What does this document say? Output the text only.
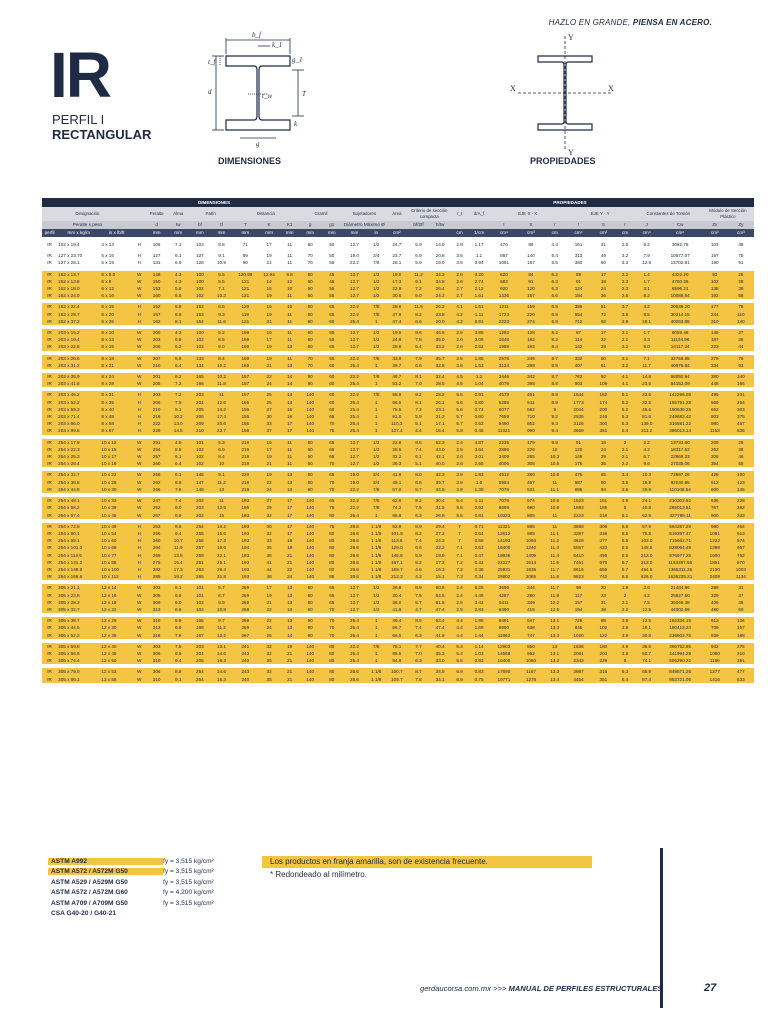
HAZLO EN GRANDE, PIENSA EN ACERO.
IR
PERFIL I
RECTANGULAR
b_f
k_1
t_f
d	t_w	T
g_1
k
g
DIMENSIONES
Y
X	X
Y
PROPIEDADES
DIMENSIONES															PROPIEDADES														
Designación				Peralte	Alma	Patín		Distancia			Gramil		Sujetadores		Área	Criterio de sección compacta		r_t	d/A_f	EJE X - X			EJE Y - Y			Constantes de Torsión		Módulo de Sección Plástico	
Peralte x peso				d	tw	bf	tf	T	K	K1	g	g1	Diámetro Máximo Ø			bf/2tf	h/tw			I	S	r	I	S	r	J	Cw	Zx	Zy
perfil	mm x kg/m	in x lb/ft		mm	mm	mm	mm	mm	mm	mm	mm	mm	mm	in	cm²			cm	1/cm	cm⁴	cm³	cm	cm⁴	cm³	cm	cm⁴	cm⁶	cm³	cm³

IR	102 x 19.4	4 x 13	H	106	7.1	103	8.8	71	17	11	60	50	12.7	1/2	24.7	5.9	14.9	2.8	1.17	470	89	4.4	161	31	2.5	9.2	3082.78	103	48

IR	127 x 23.70	5 x 16	H	127	6.1	127	9.1	89	19	11	70	50	19.0	3/4	23.7	6.9	20.8	3.5	1.1	887	140	5.4	313	49	3.2	7.9	10577.07	157	75
IR	127 x 28.1	5 x 19	H	131	6.9	128	10.9	90	21	11	70	55	22.2	7/8	28.1	5.9	19.0	3.5	0.94	1091	167	5.5	380	60	3.3	12.9	13702.81	190	91

IR	152 x 13.7	6 x 9.0	W	148	4.3	100	5.5	120.99	12.54	9.6	60	45	12.7	1/2	19.0	11.2	34.3	2.6	3.20	620	84	6.2	89	17	2.2	1.4	4322.20	93	25
IR	152 x 13.6	6 x 9	W	150	4.3	100	5.5	121	14	12	60	45	12.7	1/2	17.3	9.1	34.8	2.6	2.74	683	91	6.3	91	18	2.3	1.7	4750.26	102	28
IR	152 x 18.0	6 x 12	W	153	5.8	102	7.1	121	16	10	60	55	12.7	1/2	22.9	7.2	26.4	2.7	2.12	920	120	6.3	124	24	2.3	3.1	6596.21	138	38
IR	152 x 24.0	6 x 16	W	160	6.6	102	10.3	121	19	11	60	55	12.7	1/2	30.6	5.0	24.2	2.7	1.51	1336	167	6.6	184	36	2.5	8.2	10086.84	192	58

IR	152 x 22.4	6 x 15	H	152	5.8	152	6.6	120	16	10	90	55	22.2	7/8	28.6	11.5	26.2	4.1	1.51	1211	159	6.5	386	51	3.7	4.2	20036.20	177	78
IR	152 x 29.7	6 x 20	H	157	6.6	153	9.3	119	19	11	90	55	22.2	7/8	37.9	8.2	23.8	4.2	1.11	1723	220	6.8	554	72	3.8	9.5	30214.15	244	110
IR	152 x 37.2	6 x 25	H	162	8.1	154	11.6	121	21	11	90	60	25.4	1	47.4	6.6	20.0	4.2	0.91	2223	274	6.9	712	92	3.9	18.1	40263.86	310	140

IR	203 x 15.2	8 x 10	W	200	4.3	100	5.2	169	16	11	60	55	12.7	1/2	19.5	9.6	46.6	2.5	3.85	1282	128	8.2	87	17	2.1	1.7	8059.48	145	27
IR	203 x 19.4	8 x 13	W	203	5.8	102	6.5	169	17	11	60	55	12.7	1/2	24.8	7.8	35.0	2.6	3.06	1648	162	8.2	114	22	2.1	3.3	11104.96	187	35
IR	203 x 22.5	8 x 15	W	206	6.2	102	8.0	169	19	13	60	55	12.7	1/2	28.6	6.4	33.2	2.6	2.52	1998	193	8.4	142	28	2.2	5.0	14117.34	223	44

IR	203 x 26.6	8 x 18	W	207	5.8	133	8.4	169	19	11	70	55	22.2	7/8	33.9	7.9	35.7	3.5	1.85	2576	249	8.7	332	50	3.1	7.1	32756.65	279	76
IR	203 x 31.2	8 x 21	W	210	6.4	134	10.2	169	21	13	70	60	25.4	1	39.7	6.6	32.8	3.6	1.53	3134	298	8.8	407	61	3.2	11.7	40976.84	334	93

IR	203 x 35.9	8 x 24	W	201	6.2	165	10.2	157	22	14	90	60	22.2	7/8	45.7	8.1	32.4	4.5	1.2	3446	342	8.7	762	92	4.1	14.8	68050.94	380	140
IR	203 x 41.8	8 x 28	W	205	7.2	166	11.8	157	24	14	90	60	25.4	1	53.2	7.0	28.5	4.5	1.04	4079	398	8.8	903	109	4.1	23.5	84152.09	448	166

IR	203 x 46.2	8 x 31	H	203	7.2	203	11	157	25	14	140	60	22.2	7/8	58.9	9.2	28.2	5.5	0.91	4579	451	8.8	1544	152	5.1	23.6	142286.08	495	231
IR	203 x 52.2	8 x 35	H	206	7.9	204	12.6	155	25	14	140	60	25.4	1	66.5	8.1	26.1	5.6	0.80	5286	511	8.9	1773	174	5.2	32.5	165791.28	569	264
IR	203 x 59.3	8 x 40	H	210	9.1	205	14.2	156	27	16	140	60	25.4	1	75.5	7.2	23.1	5.6	0.72	6077	582	9	2044	200	5.2	46.6	190636.25	652	303
IR	203 x 71.4	8 x 48	H	216	10.2	206	17.4	155	30	16	140	65	25.4	1	91.0	5.9	21.2	5.7	0.60	7659	710	9.2	2535	246	5.3	81.6	249683.42	803	375
IR	203 x 86.0	8 x 58	H	222	13.0	209	20.6	155	33	17	140	70	25.4	1	110.3	5.1	17.1	5.7	0.52	9490	852	9.3	3126	300	5.3	139.0	316581.22	980	457
IR	203 x 99.6	8 x 67	H	229	14.5	210	23.7	156	37	17	140	75	25.4	1	127.4	4.4	15.4	5.8	0.46	11321	990	9.4	3659	351	5.4	211.2	386013.14	1153	535

IR	254 x 17.9	10 x 12	W	251	4.8	101	5.3	219	16	11	60	65	12.7	1/2	22.8	9.5	52.3	2.4	4.87	2235	179	9.9	91	18	2	2.2	13733.80	208	29
IR	254 x 22.3	10 x 15	W	254	5.8	102	6.9	219	17	11	60	65	12.7	1/2	28.5	7.4	43.0	2.5	3.64	2896	226	10	120	24	2.1	4.2	18317.52	262	38
IR	254 x 25.3	10 x 17	W	257	6.1	102	8.4	219	19	11	60	65	12.7	1/2	32.2	6.1	42.1	2.6	3.01	3409	265	10.3	149	29	2.1	6.7	22868.23	306	46
IR	254 x 28.4	10 x 19	W	260	6.4	102	10	219	21	11	60	70	12.7	1/2	36.3	5.1	40.0	2.6	2.55	4006	308	10.5	176	35	2.2	9.6	27035.06	354	55

IR	254 x 32.7	10 x 22	W	258	6.1	146	9.1	220	19	13	90	65	19.0	3/4	41.9	8.0	42.3	3.8	1.93	4912	380	10.8	475	65	3.4	10.3	73697.26	428	100
IR	254 x 38.5	10 x 26	W	262	6.6	147	11.2	218	22	13	90	70	19.0	3/4	49.1	6.6	39.7	3.9	1.6	5994	457	11	587	80	3.5	16.9	92030.95	513	123
IR	254 x 44.8	10 x 30	W	266	7.6	148	13	219	24	13	90	70	22.2	7/8	57.0	5.7	34.5	3.9	1.39	7076	531	11.1	695	94	3.5	25.9	110108.54	600	145

IR	254 x 49.1	10 x 33	W	247	7.4	202	11	193	27	17	140	65	22.2	7/8	62.6	9.2	30.4	5.4	1.11	7076	574	10.6	1523	151	4.9	24.1	210302.52	636	228
IR	254 x 58.2	10 x 39	W	252	8.0	203	13.5	195	29	17	140	75	22.2	7/8	74.2	7.5	31.5	5.5	0.92	8699	690	10.8	1883	185	5	40.8	265013.51	767	282
IR	254 x 67.4	10 x 45	W	257	8.9	202	15	193	32	17	140	80	25.4	1	85.8	6.3	26.8	5.5	0.81	10323	805	11	2223	218	5.1	62.9	327785.11	900	333

IR	254 x 72.9	10 x 49	H	253	8.6	254	14.2	193	30	17	140	75	28.6	1 1/8	92.9	8.9	29.4	7	0.71	11321	895	11	3888	306	6.5	57.9	564287.29	980	464
IR	254 x 80.1	10 x 54	H	256	9.4	255	15.6	193	32	17	140	80	28.6	1 1/8	101.9	8.2	27.2	7	0.64	12612	985	11.1	4287	336	6.5	75.8	619397.47	1081	513
IR	254 x 89.1	10 x 60	H	260	10.7	256	17.3	193	33	18	140	80	28.6	1 1/8	113.6	7.4	24.3	7	0.59	14193	1093	11.2	4828	377	6.5	103.0	715662.71	1222	574
IR	254 x 101.3	10 x 68	H	264	11.9	257	19.6	194	35	19	140	80	28.6	1 1/8	129.0	6.6	22.2	7.1	0.53	16400	1240	11.3	5557	433	6.6	148.5	828064.49	1388	657
IR	254 x 114.5	10 x 77	H	269	13.5	259	22.1	193	38	21	140	80	28.6	1 1/8	145.8	5.9	19.9	7.1	0.47	18936	1409	11.4	6410	495	6.6	213.0	976977.25	1600	752
IR	254 x 131.2	10 x 88	H	275	15.4	261	25.1	193	41	21	140	80	28.6	1 1/8	167.1	5.2	17.3	7.2	0.42	22227	1614	11.5	7451	570	6.7	313.0	1153297.56	1851	870
IR	254 x 148.9	10 x 100	H	282	17.3	263	28.4	193	44	22	140	80	28.6	1 1/8	189.7	4.6	16.3	7.2	0.38	25931	1835	11.7	8616	655	6.7	454.5	1365311.26	2130	1003
IR	254 x 166.6	10 x 112	H	289	19.2	265	31.8	193	48	24	140	85	28.6	1 1/8	212.3	4.2	15.1	7.3	0.34	29802	2065	11.8	9823	742	6.8	626.0	1626235.21	2409	1134

IR	305 x 21.1	12 x 14	W	303	5.1	101	5.7	269	17	13	60	65	12.7	1/2	26.8	8.9	60.6	2.4	5.25	3696	244	11.7	98	20	1.9	2.6	21434.86	286	31
IR	305 x 23.8	12 x 16	W	305	5.6	101	6.7	269	19	13	60	65	12.7	1/2	30.4	7.5	54.5	2.4	4.46	4287	280	11.9	117	23	2	4.2	25627.50	329	37
IR	305 x 28.3	12 x 19	W	309	6.0	102	8.9	268	21	13	60	65	12.7	1/2	36.0	5.7	51.5	2.5	3.42	5411	349	12.2	157	31	2.1	7.5	35046.38	405	49
IR	305 x 32.7	12 x 22	W	313	6.6	102	10.8	268	22	13	60	70	12.7	1/2	41.8	4.7	47.4	2.5	2.83	6490	415	12.5	194	38	2.2	12.5	44002.69	480	60

IR	305 x 38.7	12 x 26	W	310	5.8	165	9.7	269	22	13	90	70	25.4	1	49.4	8.5	53.4	4.4	1.95	8491	547	13.1	728	88	3.8	12.5	162334.15	613	134
IR	305 x 44.5	12 x 30	W	313	6.6	166	11.2	269	24	13	90	70	25.4	1	56.7	7.4	47.4	4.4	1.69	9990	638	13.3	845	102	3.9	19.1	190413.24	708	157
IR	305 x 52.2	12 x 35	W	318	7.6	167	13.2	267	25	14	90	70	25.4	1	66.5	6.3	41.8	4.4	1.44	11863	747	13.3	1020	122	3.9	30.8	236602.75	839	188

IR	305 x 59.8	12 x 40	W	303	7.5	203	13.1	241	32	19	140	80	22.2	7/8	76.1	7.7	40.4	5.4	1.14	12903	850	13	1836	180	4.9	36.5	386752.85	942	275
IR	305 x 66.9	12 x 45	W	306	8.5	204	14.6	243	32	21	140	80	25.4	1	85.5	7.0	35.3	5.4	1.03	14568	952	13.1	2081	203	4.9	50.7	441994.29	1060	310
IR	305 x 74.4	12 x 50	W	310	9.4	205	16.3	240	35	21	140	80	25.4	1	94.8	6.3	33.0	5.5	0.93	16400	1060	13.2	2343	229	5	74.1	505290.22	1186	351

IR	305 x 79.0	12 x 53	W	306	8.8	254	14.6	243	32	21	140	80	28.6	1 1/8	100.7	8.7	34.9	6.9	0.83	17690	1157	13.3	3987	315	6.3	65.9	849571.26	1277	477
IR	305 x 86.1	12 x 58	W	310	9.1	254	16.3	240	35	21	140	80	28.6	1 1/8	109.7	7.8	34.1	6.9	0.75	19771	1278	13.4	4454	351	6.4	87.4	953721.05	1416	533
ASTM A992	fy = 3,515 kg/cm²
ASTM A572 / A572M G50	fy = 3,515 kg/cm²
ASTM A529 / A529M G50	fy = 3,515 kg/cm²
ASTM A572 / A572M G60	fy = 4,200 kg/cm²
ASTM A709 / A709M G50	fy = 3,515 kg/cm²
CSA G40-20 / G40-21
Los productos en franja amarilla, son de existencia frecuente.
* Redondeado al milímetro.
gerdaucorsa.com.mx >>> MANUAL DE PERFILES ESTRUCTURALES	27
